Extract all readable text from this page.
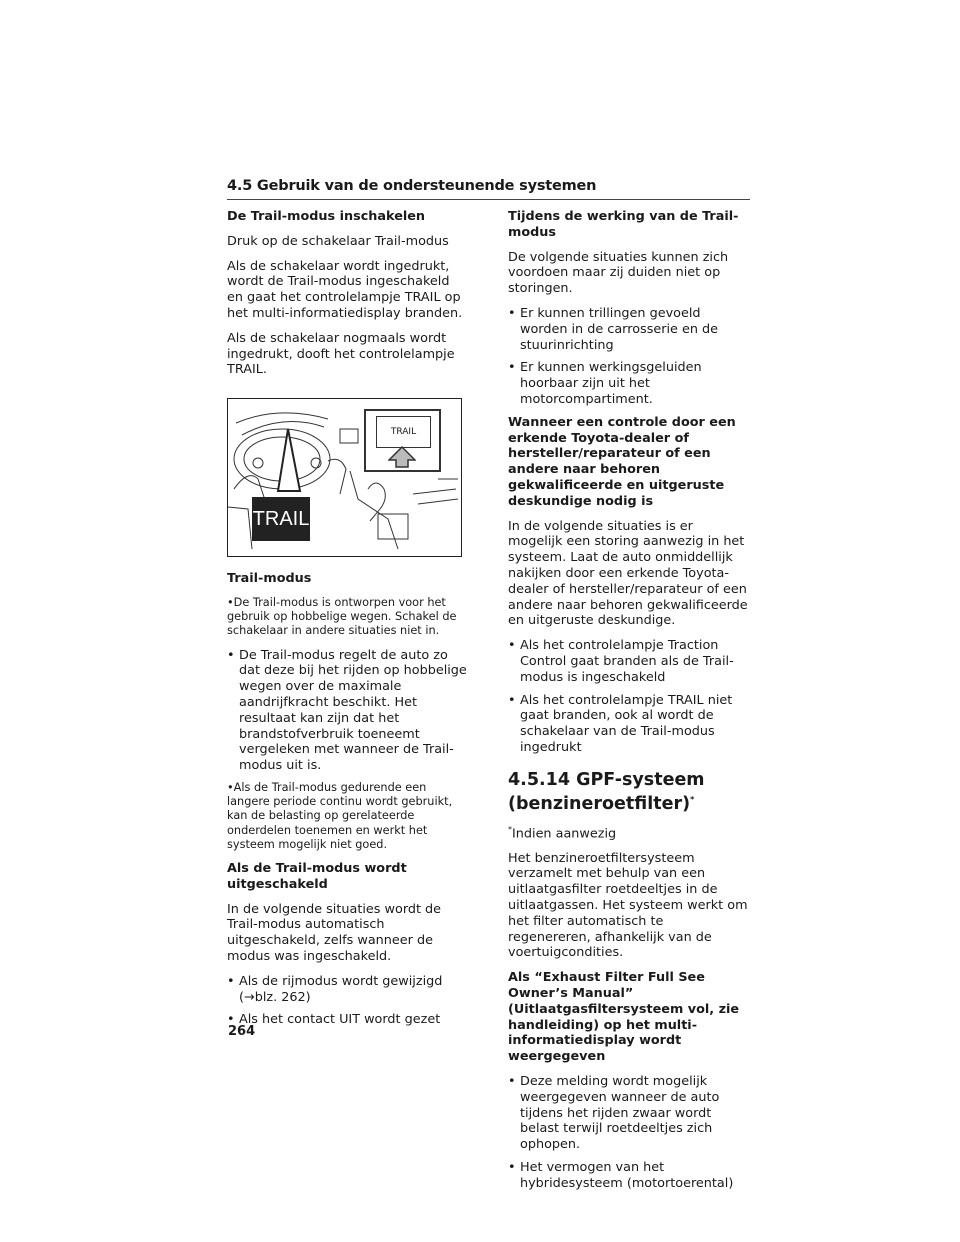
4.5 Gebruik van de ondersteunende systemen

De Trail-modus inschakelen

Druk op de schakelaar Trail-modus

Als de schakelaar wordt ingedrukt, wordt de Trail-modus ingeschakeld en gaat het controlelampje TRAIL op het multi-informatiedisplay branden.

Als de schakelaar nogmaals wordt ingedrukt, dooft het controlelampje TRAIL.

TRAIL
TRAIL

Trail-modus

• De Trail-modus is ontworpen voor het gebruik op hobbelige wegen. Schakel de schakelaar in andere situaties niet in.

• De Trail-modus regelt de auto zo dat deze bij het rijden op hobbelige wegen over de maximale aandrijfkracht beschikt. Het resultaat kan zijn dat het brandstofverbruik toeneemt vergeleken met wanneer de Trail-modus uit is.

• Als de Trail-modus gedurende een langere periode continu wordt gebruikt, kan de belasting op gerelateerde onderdelen toenemen en werkt het systeem mogelijk niet goed.

Als de Trail-modus wordt uitgeschakeld

In de volgende situaties wordt de Trail-modus automatisch uitgeschakeld, zelfs wanneer de modus was ingeschakeld.

• Als de rijmodus wordt gewijzigd (→blz. 262)

• Als het contact UIT wordt gezet

Tijdens de werking van de Trail-modus

De volgende situaties kunnen zich voordoen maar zij duiden niet op storingen.

• Er kunnen trillingen gevoeld worden in de carrosserie en de stuurinrichting

• Er kunnen werkingsgeluiden hoorbaar zijn uit het motorcompartiment.

Wanneer een controle door een erkende Toyota-dealer of hersteller/reparateur of een andere naar behoren gekwalificeerde en uitgeruste deskundige nodig is

In de volgende situaties is er mogelijk een storing aanwezig in het systeem. Laat de auto onmiddellijk nakijken door een erkende Toyota-dealer of hersteller/reparateur of een andere naar behoren gekwalificeerde en uitgeruste deskundige.

• Als het controlelampje Traction Control gaat branden als de Trail-modus is ingeschakeld

• Als het controlelampje TRAIL niet gaat branden, ook al wordt de schakelaar van de Trail-modus ingedrukt

4.5.14 GPF-systeem (benzineroetfilter)*

*Indien aanwezig

Het benzineroetfiltersysteem verzamelt met behulp van een uitlaatgasfilter roetdeeltjes in de uitlaatgassen. Het systeem werkt om het filter automatisch te regenereren, afhankelijk van de voertuigcondities.

Als “Exhaust Filter Full See Owner’s Manual” (Uitlaatgasfiltersysteem vol, zie handleiding) op het multi-informatiedisplay wordt weergegeven

• Deze melding wordt mogelijk weergegeven wanneer de auto tijdens het rijden zwaar wordt belast terwijl roetdeeltjes zich ophopen.

• Het vermogen van het hybridesysteem (motortoerental)

264
